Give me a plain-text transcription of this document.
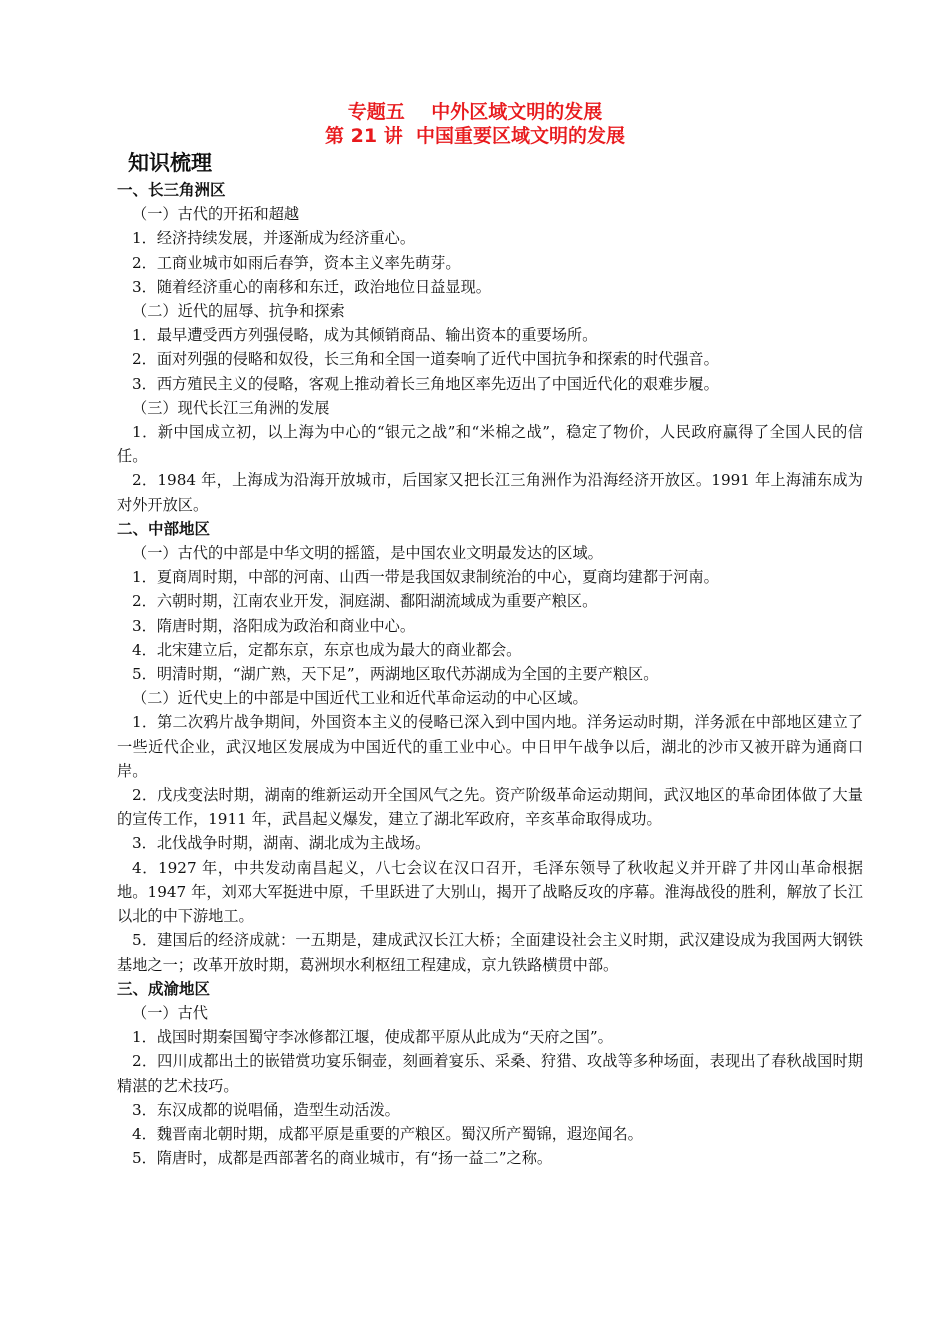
专题五    中外区域文明的发展
第 21 讲  中国重要区域文明的发展
知识梳理
一、长三角洲区
（一）古代的开拓和超越
1．经济持续发展，并逐渐成为经济重心。
2．工商业城市如雨后春笋，资本主义率先萌芽。
3．随着经济重心的南移和东迁，政治地位日益显现。
（二）近代的屈辱、抗争和探索
1．最早遭受西方列强侵略，成为其倾销商品、输出资本的重要场所。
2．面对列强的侵略和奴役，长三角和全国一道奏响了近代中国抗争和探索的时代强音。
3．西方殖民主义的侵略，客观上推动着长三角地区率先迈出了中国近代化的艰难步履。
（三）现代长江三角洲的发展
1．新中国成立初，以上海为中心的“银元之战”和“米棉之战”，稳定了物价，人民政府赢得了全国人民的信任。
2．1984 年，上海成为沿海开放城市，后国家又把长江三角洲作为沿海经济开放区。1991 年上海浦东成为对外开放区。
二、中部地区
（一）古代的中部是中华文明的摇篮，是中国农业文明最发达的区域。
1．夏商周时期，中部的河南、山西一带是我国奴隶制统治的中心，夏商均建都于河南。
2．六朝时期，江南农业开发，洞庭湖、鄱阳湖流域成为重要产粮区。
3．隋唐时期，洛阳成为政治和商业中心。
4．北宋建立后，定都东京，东京也成为最大的商业都会。
5．明清时期，“湖广熟，天下足”，两湖地区取代苏湖成为全国的主要产粮区。
（二）近代史上的中部是中国近代工业和近代革命运动的中心区域。
1．第二次鸦片战争期间，外国资本主义的侵略已深入到中国内地。洋务运动时期，洋务派在中部地区建立了一些近代企业，武汉地区发展成为中国近代的重工业中心。中日甲午战争以后，湖北的沙市又被开辟为通商口岸。
2．戊戌变法时期，湖南的维新运动开全国风气之先。资产阶级革命运动期间，武汉地区的革命团体做了大量的宣传工作，1911 年，武昌起义爆发，建立了湖北军政府，辛亥革命取得成功。
3．北伐战争时期，湖南、湖北成为主战场。
4．1927 年，中共发动南昌起义，八七会议在汉口召开，毛泽东领导了秋收起义并开辟了井冈山革命根据地。1947 年，刘邓大军挺进中原，千里跃进了大别山，揭开了战略反攻的序幕。淮海战役的胜利，解放了长江以北的中下游地工。
5．建国后的经济成就：一五期是，建成武汉长江大桥；全面建设社会主义时期，武汉建设成为我国两大钢铁基地之一；改革开放时期，葛洲坝水利枢纽工程建成，京九铁路横贯中部。
三、成渝地区
（一）古代
1．战国时期秦国蜀守李冰修都江堰，使成都平原从此成为“天府之国”。
2．四川成都出土的嵌错赏功宴乐铜壶，刻画着宴乐、采桑、狩猎、攻战等多种场面，表现出了春秋战国时期精湛的艺术技巧。
3．东汉成都的说唱俑，造型生动活泼。
4．魏晋南北朝时期，成都平原是重要的产粮区。蜀汉所产蜀锦，遐迩闻名。
5．隋唐时，成都是西部著名的商业城市，有“扬一益二”之称。
